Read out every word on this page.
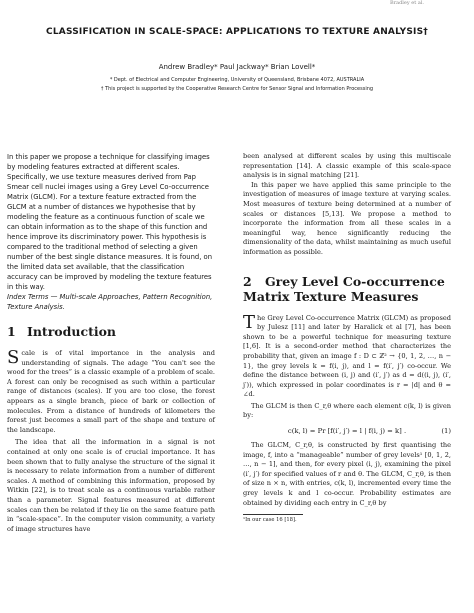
Bradley et al.
CLASSIFICATION IN SCALE-SPACE: APPLICATIONS TO TEXTURE ANALYSIS†
Andrew Bradley* Paul Jackway* Brian Lovell*
* Dept. of Electrical and Computer Engineering, University of Queensland, Brisbane 4072, AUSTRALIA
† This project is supported by the Cooperative Research Centre for Sensor Signal and Information Processing

In this paper we propose a technique for classifying images by modeling features extracted at different scales. Specifically, we use texture measures derived from Pap Smear cell nuclei images using a Grey Level Co-occurrence Matrix (GLCM). For a texture feature extracted from the GLCM at a number of distances we hypothesise that by modeling the feature as a continuous function of scale we can obtain information as to the shape of this function and hence improve its discriminatory power. This hypothesis is compared to the traditional method of selecting a given number of the best single distance measures. It is found, on the limited data set available, that the classification accuracy can be improved by modeling the texture features in this way.

Index Terms — Multi-scale Approaches, Pattern Recognition, Texture Analysis.

1 Introduction

Scale is of vital importance in the analysis and understanding of signals. The adage “You can't see the wood for the trees” is a classic example of a problem of scale. A forest can only be recognised as such within a particular range of distances (scales). If you are too close, the forest appears as a single branch, piece of bark or collection of molecules. From a distance of hundreds of kilometers the forest just becomes a small part of the shape and texture of the landscape.

The idea that all the information in a signal is not contained at only one scale is of crucial importance. It has been shown that to fully analyse the structure of the signal it is necessary to relate information from a number of different scales. A method of combining this information, proposed by Witkin [22], is to treat scale as a continuous variable rather than a parameter. Signal features measured at different scales can then be related if they lie on the same feature path in “scale-space”. In the computer vision community, a variety of image structures have

been analysed at different scales by using this multiscale representation [14]. A classic example of this scale-space analysis is in signal matching [21].

In this paper we have applied this same principle to the investigation of measures of image texture at varying scales. Most measures of texture being determined at a number of scales or distances [5,13]. We propose a method to incorporate the information from all these scales in a meaningful way, hence significantly reducing the dimensionality of the data, whilst maintaining as much useful information as possible.

2 Grey Level Co-occurrence Matrix Texture Measures

The Grey Level Co-occurrence Matrix (GLCM) as proposed by Julesz [11] and later by Haralick et al [7], has been shown to be a powerful technique for measuring texture [1,6]. It is a second-order method that characterizes the probability that, given an image f : D ⊂ ℤ² → {0, 1, 2, …, n − 1}, the grey levels k = f(i, j), and l = f(i′, j′) co-occur. We define the distance between (i, j) and (i′, j′) as d = d((i, j), (i′, j′)), which expressed in polar coordinates is r = |d| and θ = ∠d.

The GLCM is then C_r,θ where each element c(k, l) is given by:

c(k, l) = Pr [f(i′, j′) = l | f(i, j) = k] .	(1)

The GLCM, C_r,θ, is constructed by first quantising the image, f, into a “manageable” number of grey levels¹ [0, 1, 2, …, n − 1], and then, for every pixel (i, j), examining the pixel (i′, j′) for specified values of r and θ. The GLCM, C_r,θ, is then of size n × n, with entries, c(k, l), incremented every time the grey levels k and l co-occur. Probability estimates are obtained by dividing each entry in C_r,θ by

¹In our case 16 [18].
